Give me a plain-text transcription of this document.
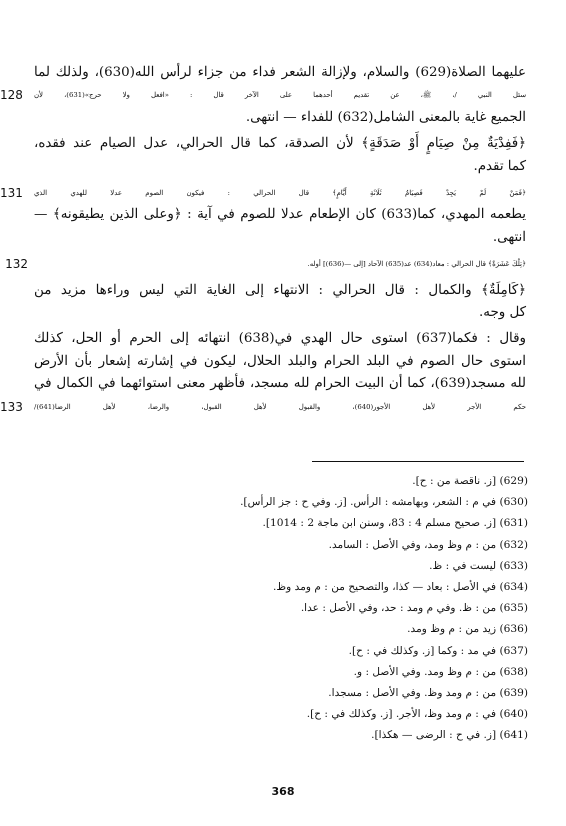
عليهما الصلاة(629) والسلام، ولإزالة الشعر فداء من جزاء لرأس الله(630)، ولذلك لما
128	سئل النبي /، ﷺ، عن تقديم أحدهما على الآخر قال : «افعل ولا حرج»(631)، لأن
الجميع غاية بالمعنى الشامل(632) للفداء — انتهى.
﴿فَفِدْيَةٌ مِنْ صِيَامٍ أَوْ صَدَقَةٍ﴾ لأن الصدقة، كما قال الحرالي، عدل الصيام عند فقده،
كما تقدم.
131	﴿فَمَنْ لَمْ يَجِدْ فَصِيَامُ ثَلَاثَةِ أَيَّامٍ﴾ قال الحرالي : فيكون الصوم عدلا للهدي الذي
يطعمه المهدي، كما(633) كان الإطعام عدلا للصوم في آية : ﴿وعلى الذين يطيقونه﴾ —
انتهى.
132	﴿تِلْكَ عَشَرَةٌ﴾ قال الحرالي : معاد(634) عد(635) الآحاد [إلى —(636)] أوله.
﴿كَامِلَةٌ﴾ والكمال : قال الحرالي : الانتهاء إلى الغاية التي ليس وراءها مزيد من
كل وجه.
وقال : فكما(637) استوى حال الهدي في(638) انتهائه إلى الحرم أو الحل، كذلك
استوى حال الصوم في البلد الحرام والبلد الحلال، ليكون في إشارته إشعار بأن الأرض
لله مسجد(639)، كما أن البيت الحرام لله مسجد، فأظهر معنى استوائهما في الكمال في
133	حكم الأجر لأهل الأجور(640)، والقبول لأهل القبول، والرضا، لأهل الرضا(641)/
(629) [ز. ناقصة من : ح].
(630) في م : الشعر، وبهامشه : الرأس. [ز. وفي ح : جز الرأس].
(631) [ز. صحيح مسلم 4 : 83، وسنن ابن ماجة 2 : 1014].
(632) من : م وظ ومد، وفي الأصل : السامد.
(633) ليست في : ظ.
(634) في الأصل : بعاد — كذا، والتصحيح من : م ومد وظ.
(635) من : ظ. وفي م ومد : حد، وفي الأصل : عدا.
(636) زيد من : م وظ ومد.
(637) في مد : وكما [ز. وكذلك في : ح].
(638) من : م وظ ومد. وفي الأصل : و.
(639) من : م ومد وظ. وفي الأصل : مسجدا.
(640) في : م ومد وظ، الأجر. [ز. وكذلك في : ح].
(641) [ز. في ح : الرضى — هكذا].
368
